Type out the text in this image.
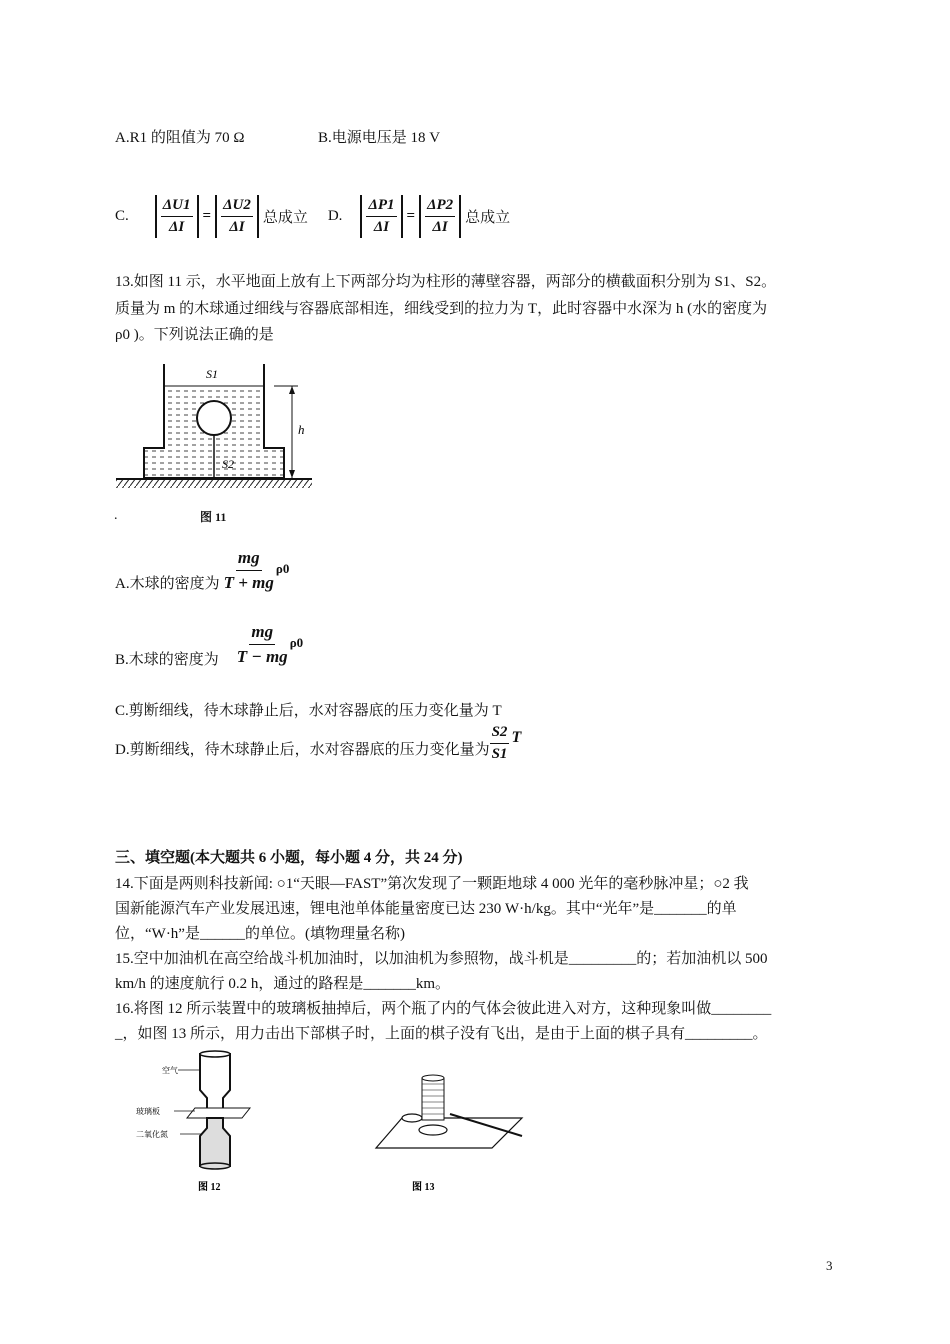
A.R1 的阻值为 70 Ω	B.电源电压是 18 V
C. $\frac{\Delta U1}{\Delta I} = \frac{\Delta U2}{\Delta I}$ 总成立 D. $\frac{\Delta P1}{\Delta I} = \frac{\Delta P2}{\Delta I}$ 总成立
13.如图 11 示，水平地面上放有上下两部分均为柱形的薄壁容器，两部分的横截面积分别为 S1、S2。
质量为 m 的木球通过细线与容器底部相连，细线受到的拉力为 T，此时容器中水深为 h (水的密度为
ρ0 )。下列说法正确的是
h
S1
S2
.	图 11
A.木球的密度为 $\frac{mg}{T + mg} \rho 0$
B.木球的密度为 $\frac{mg}{T - mg} \rho 0$
C.剪断细线，待木球静止后，水对容器底的压力变化量为 T
D.剪断细线，待木球静止后，水对容器底的压力变化量为 $\frac{S2}{S1}$ T
三、填空题(本大题共 6 小题，每小题 4 分，共 24 分)
14.下面是两则科技新闻: ○1“天眼—FAST”第次发现了一颗距地球 4 000 光年的毫秒脉冲星；○2 我
国新能源汽车产业发展迅速，锂电池单体能量密度已达 230 W·h/kg。其中“光年”是_______的单
位，“W·h”是______的单位。(填物理量名称)
15.空中加油机在高空给战斗机加油时，以加油机为参照物，战斗机是_________的；若加油机以 500
km/h 的速度航行 0.2 h，通过的路程是_______km。
16.将图 12 所示装置中的玻璃板抽掉后，两个瓶了内的气体会彼此进入对方，这种现象叫做________
_，如图 13 所示，用力击出下部棋子时，上面的棋子没有飞出，是由于上面的棋子具有_________。
空气
玻璃板
二氧化氮
图 12	图 13
3
